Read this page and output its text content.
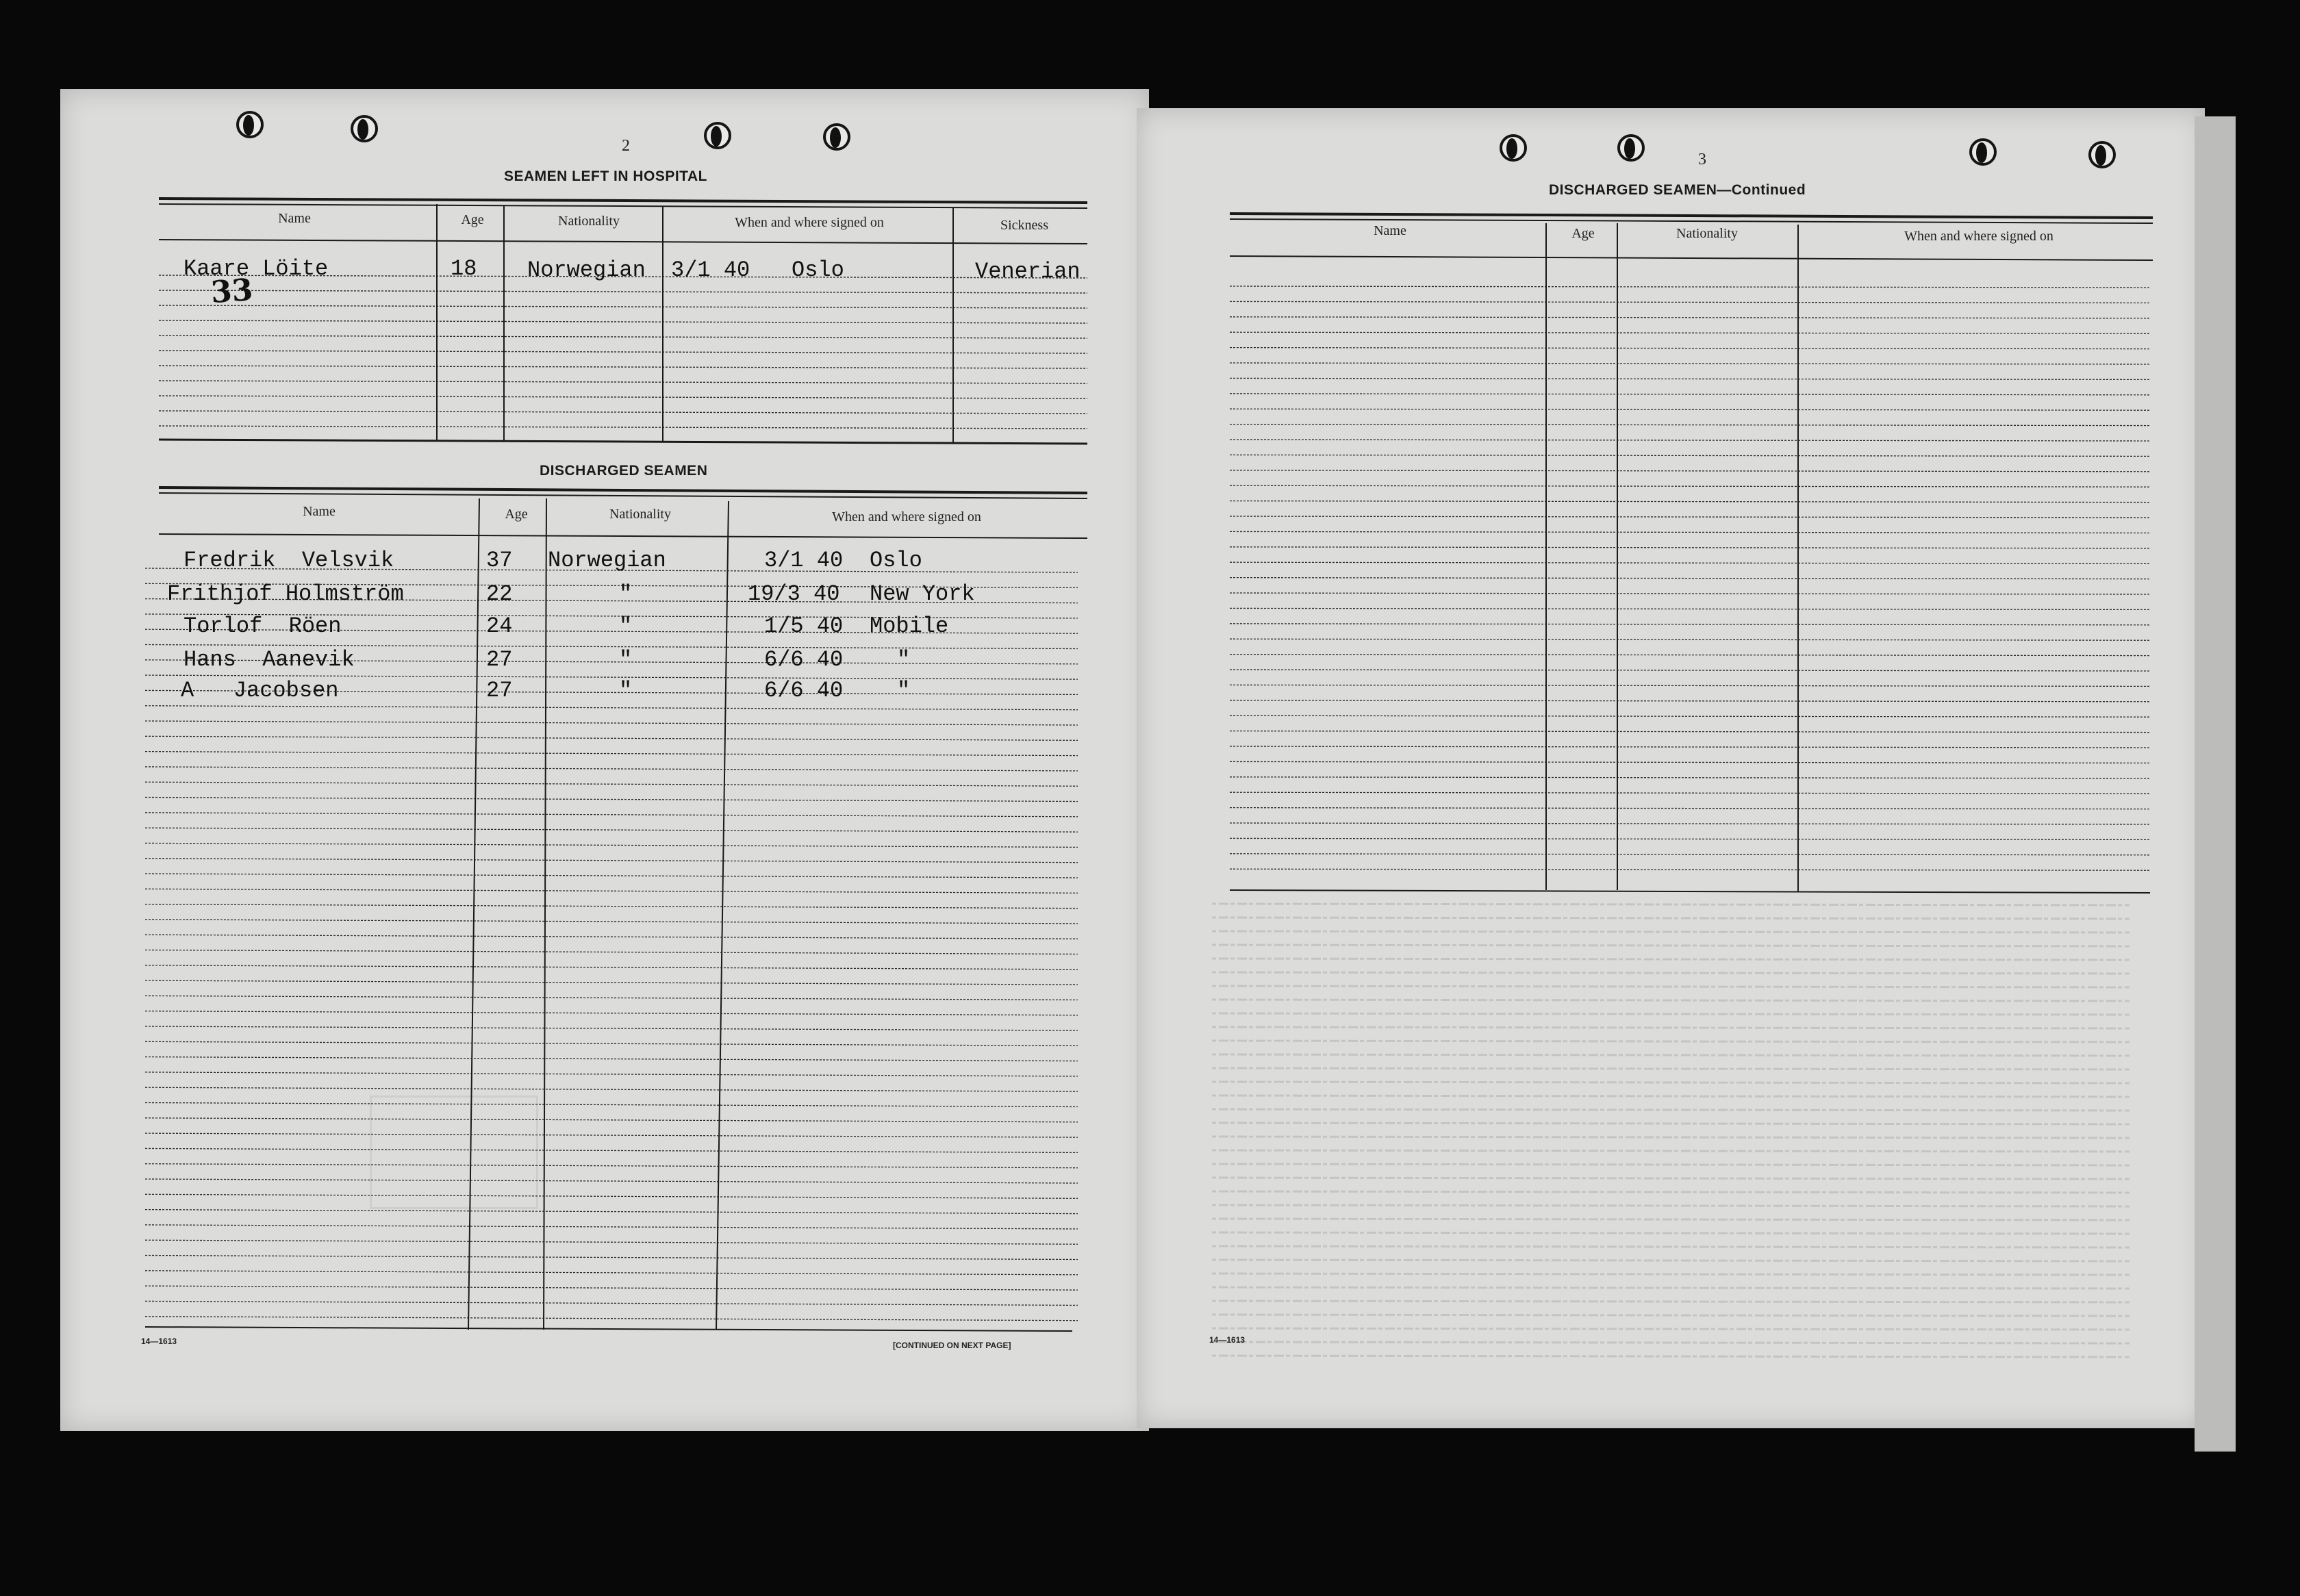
2
SEAMEN LEFT IN HOSPITAL
Name	Age	Nationality	When and where signed on	Sickness
Kaare Löite	18 Norwegian 3/1 40 Oslo	Venerian
33
DISCHARGED SEAMEN
Name	Age	Nationality	When and where signed on
Fredrik  Velsvik	37 Norwegian	3/1 40 Oslo
Frithjof Holmström	22	"	19/3 40 New York
Torlof  Röen	24	"	1/5 40 Mobile
Hans  Aanevik	27	"	6/6 40 "
A   Jacobsen	27	"	6/6 40 "
14—1613	[CONTINUED ON NEXT PAGE]
3
DISCHARGED SEAMEN—Continued
Name	Age	Nationality	When and where signed on
14—1613
